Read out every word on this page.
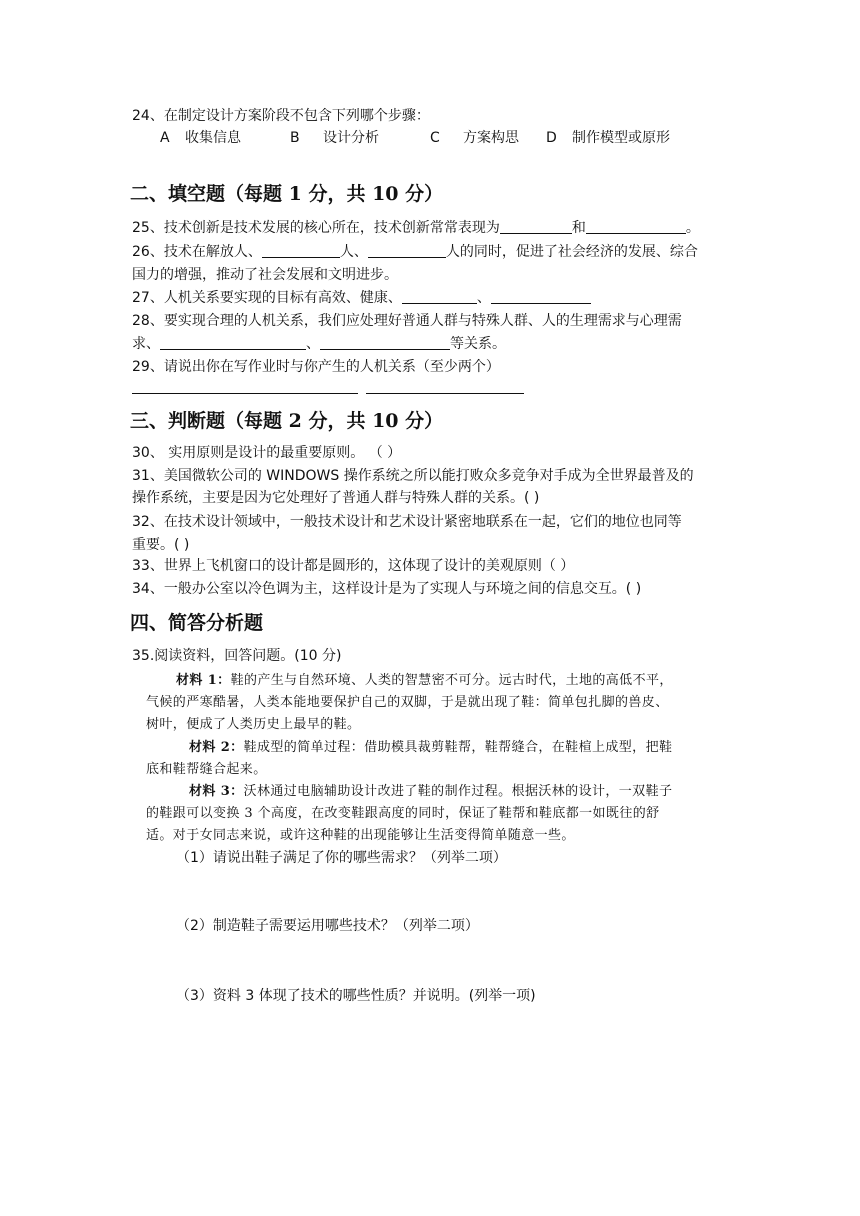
24、在制定设计方案阶段不包含下列哪个步骤：
A 收集信息	B 设计分析	C 方案构思 D 制作模型或原形
二、填空题（每题 1 分，共 10 分）
25、技术创新是技术发展的核心所在，技术创新常常表现为	和	。
26、技术在解放人、	人、	人的同时，促进了社会经济的发展、综合
国力的增强，推动了社会发展和文明进步。
27、人机关系要实现的目标有高效、健康、	、
28、要实现合理的人机关系，我们应处理好普通人群与特殊人群、人的生理需求与心理需
求、	、	等关系。
29、请说出你在写作业时与你产生的人机关系（至少两个）
三、判断题（每题 2 分，共 10 分）
30、 实用原则是设计的最重要原则。 （ ）
31、美国微软公司的 WINDOWS 操作系统之所以能打败众多竞争对手成为全世界最普及的
操作系统，主要是因为它处理好了普通人群与特殊人群的关系。( )
32、在技术设计领域中，一般技术设计和艺术设计紧密地联系在一起，它们的地位也同等
重要。( )
33、世界上飞机窗口的设计都是圆形的，这体现了设计的美观原则（ ）
34、一般办公室以冷色调为主，这样设计是为了实现人与环境之间的信息交互。( )
四、简答分析题
35.阅读资料，回答问题。(10 分)
材料 1：鞋的产生与自然环境、人类的智慧密不可分。远古时代，土地的高低不平，
气候的严寒酷暑，人类本能地要保护自己的双脚，于是就出现了鞋：简单包扎脚的兽皮、
树叶，便成了人类历史上最早的鞋。
材料 2：鞋成型的简单过程：借助模具裁剪鞋帮，鞋帮缝合，在鞋楦上成型，把鞋
底和鞋帮缝合起来。
材料 3：沃林通过电脑辅助设计改进了鞋的制作过程。根据沃林的设计，一双鞋子
的鞋跟可以变换 3 个高度，在改变鞋跟高度的同时，保证了鞋帮和鞋底都一如既往的舒
适。对于女同志来说，或许这种鞋的出现能够让生活变得简单随意一些。
（1）请说出鞋子满足了你的哪些需求？（列举二项）
（2）制造鞋子需要运用哪些技术？（列举二项）
（3）资料 3 体现了技术的哪些性质？并说明。(列举一项)
